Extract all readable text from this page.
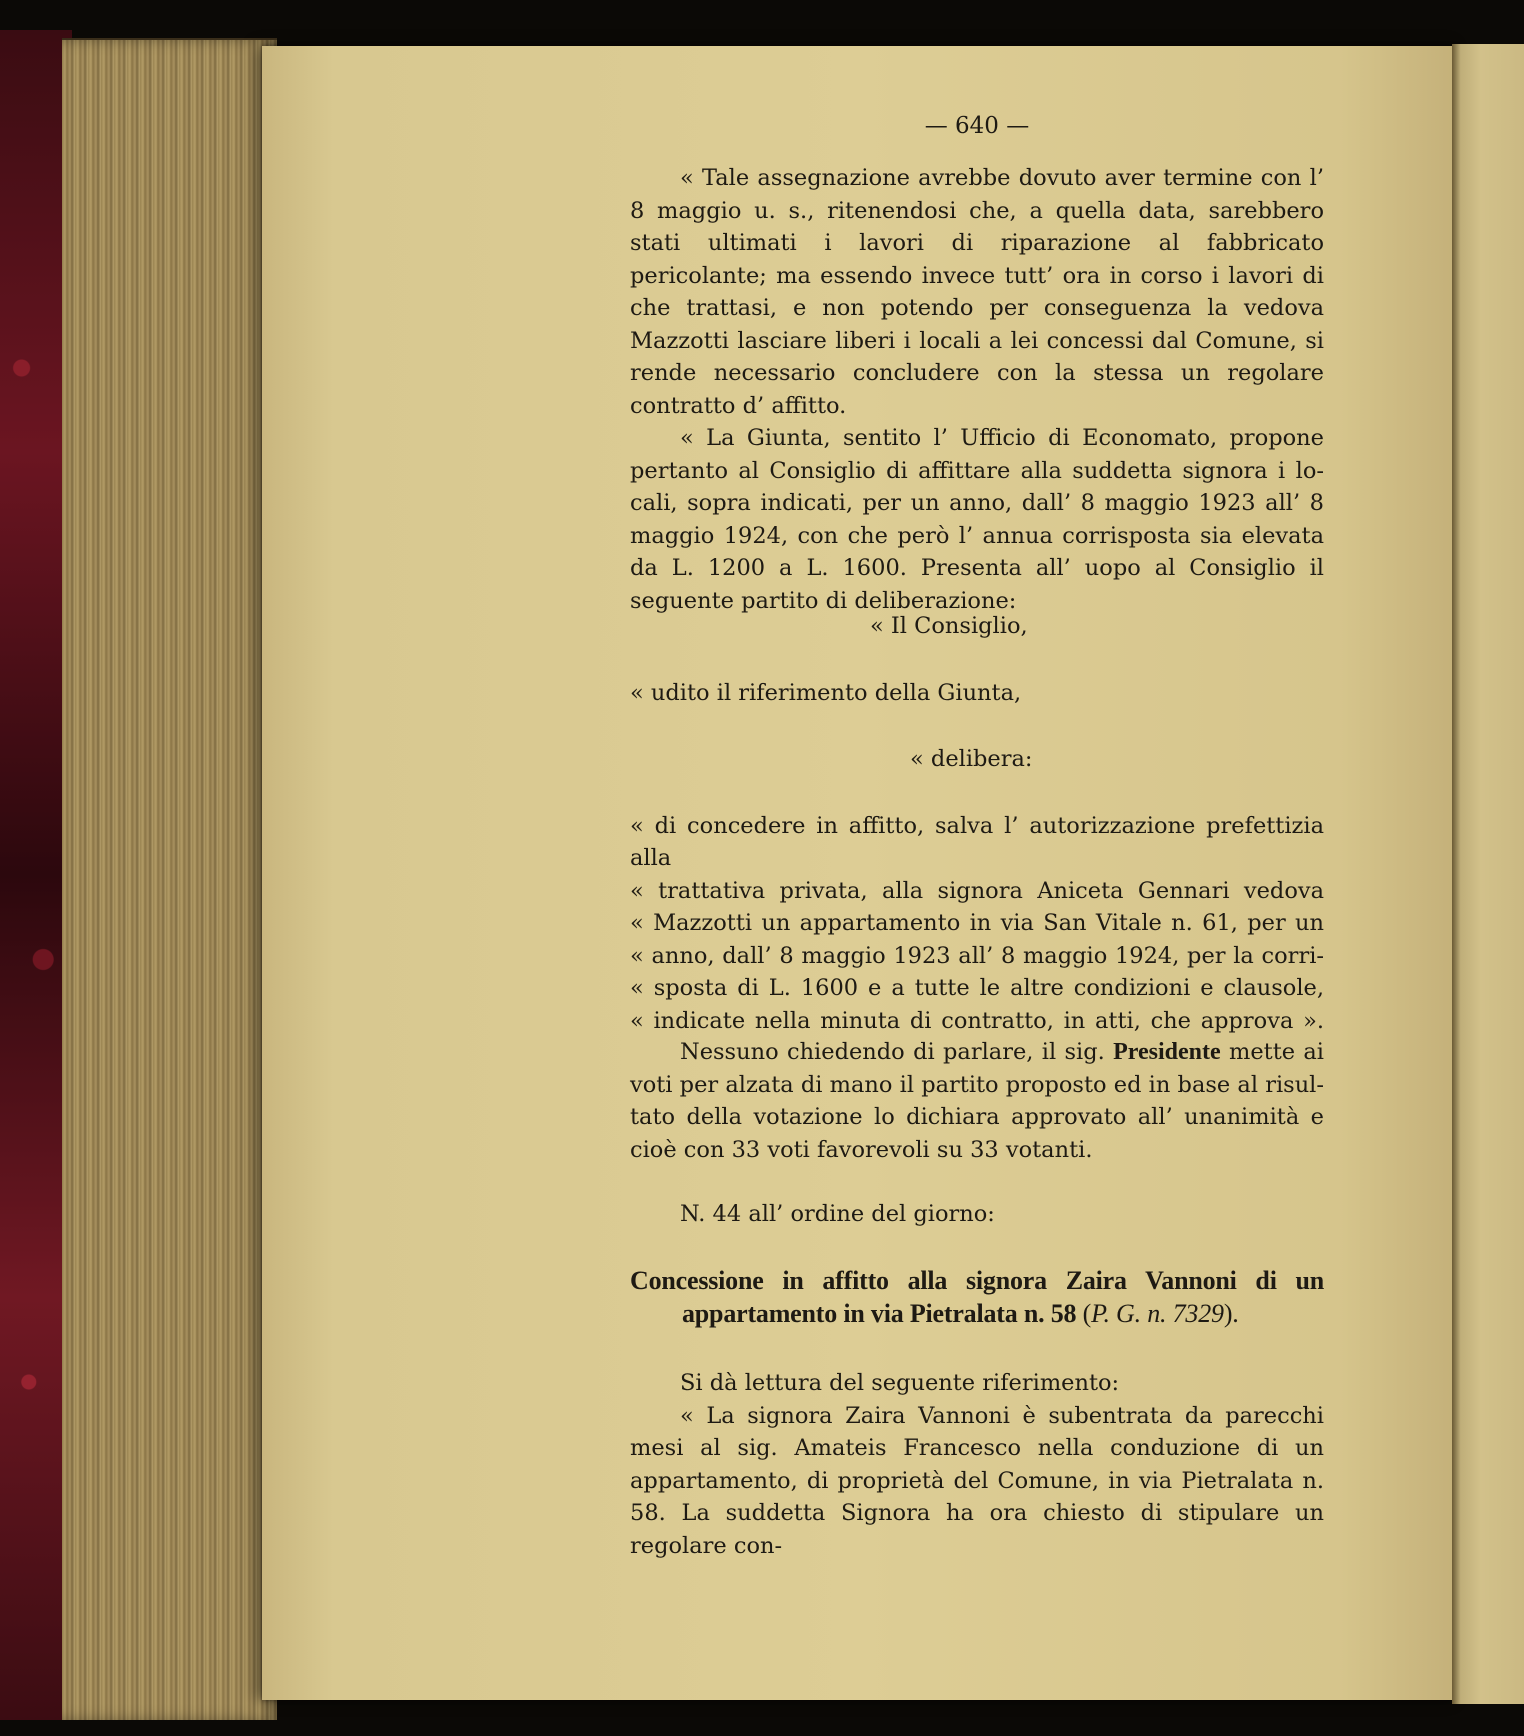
— 640 —

« Tale assegnazione avrebbe dovuto aver termine con l’ 8 maggio u. s., ritenendosi che, a quella data, sarebbero stati ultimati i lavori di riparazione al fabbricato pericolante; ma essendo invece tutt’ ora in corso i lavori di che trattasi, e non potendo per conseguenza la vedova Mazzotti lasciare liberi i locali a lei concessi dal Comune, si rende necessario concludere con la stessa un regolare contratto d’ affitto.

« La Giunta, sentito l’ Ufficio di Economato, propone pertanto al Consiglio di affittare alla suddetta signora i locali, sopra indicati, per un anno, dall’ 8 maggio 1923 all’ 8 maggio 1924, con che però l’ annua corrisposta sia elevata da L. 1200 a L. 1600. Presenta all’ uopo al Consiglio il seguente partito di deliberazione:

« Il Consiglio,

« udito il riferimento della Giunta,

« delibera:

« di concedere in affitto, salva l’ autorizzazione prefettizia alla

« trattativa privata, alla signora Aniceta Gennari vedova

« Mazzotti un appartamento in via San Vitale n. 61, per un

« anno, dall’ 8 maggio 1923 all’ 8 maggio 1924, per la corri-

« sposta di L. 1600 e a tutte le altre condizioni e clausole,

« indicate nella minuta di contratto, in atti, che approva ».

Nessuno chiedendo di parlare, il sig. Presidente mette ai voti per alzata di mano il partito proposto ed in base al risultato della votazione lo dichiara approvato all’ unanimità e cioè con 33 voti favorevoli su 33 votanti.

N. 44 all’ ordine del giorno:

Concessione in affitto alla signora Zaira Vannoni di un appartamento in via Pietralata n. 58 (P. G. n. 7329).

Si dà lettura del seguente riferimento:

« La signora Zaira Vannoni è subentrata da parecchi mesi al sig. Amateis Francesco nella conduzione di un appartamento, di proprietà del Comune, in via Pietralata n. 58. La suddetta Signora ha ora chiesto di stipulare un regolare con-
